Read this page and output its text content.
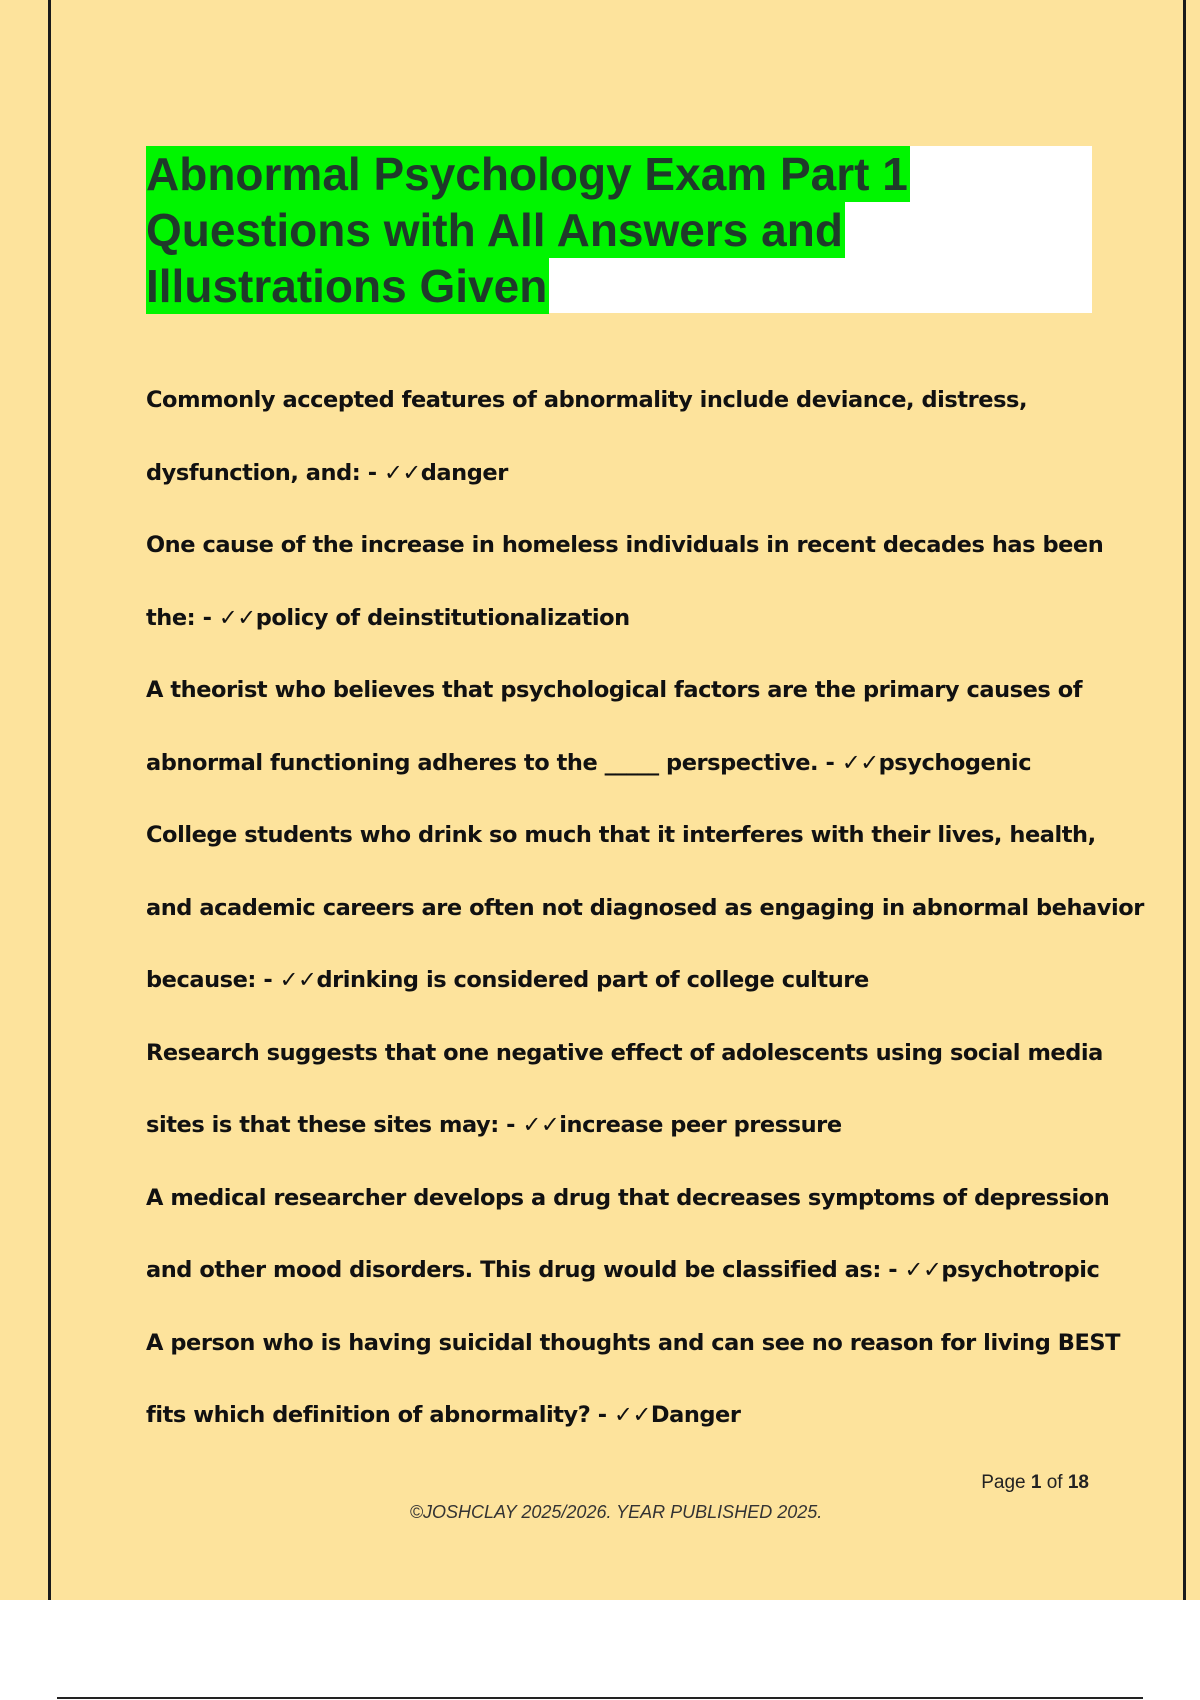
Abnormal Psychology Exam Part 1
Questions with All Answers and
Illustrations Given
Commonly accepted features of abnormality include deviance, distress,
dysfunction, and: - ✓✓danger
One cause of the increase in homeless individuals in recent decades has been
the: - ✓✓policy of deinstitutionalization
A theorist who believes that psychological factors are the primary causes of
abnormal functioning adheres to the _____ perspective. - ✓✓psychogenic
College students who drink so much that it interferes with their lives, health,
and academic careers are often not diagnosed as engaging in abnormal behavior
because: - ✓✓drinking is considered part of college culture
Research suggests that one negative effect of adolescents using social media
sites is that these sites may: - ✓✓increase peer pressure
A medical researcher develops a drug that decreases symptoms of depression
and other mood disorders. This drug would be classified as: - ✓✓psychotropic
A person who is having suicidal thoughts and can see no reason for living BEST
fits which definition of abnormality? - ✓✓Danger
Page 1 of 18
©JOSHCLAY 2025/2026. YEAR PUBLISHED 2025.
